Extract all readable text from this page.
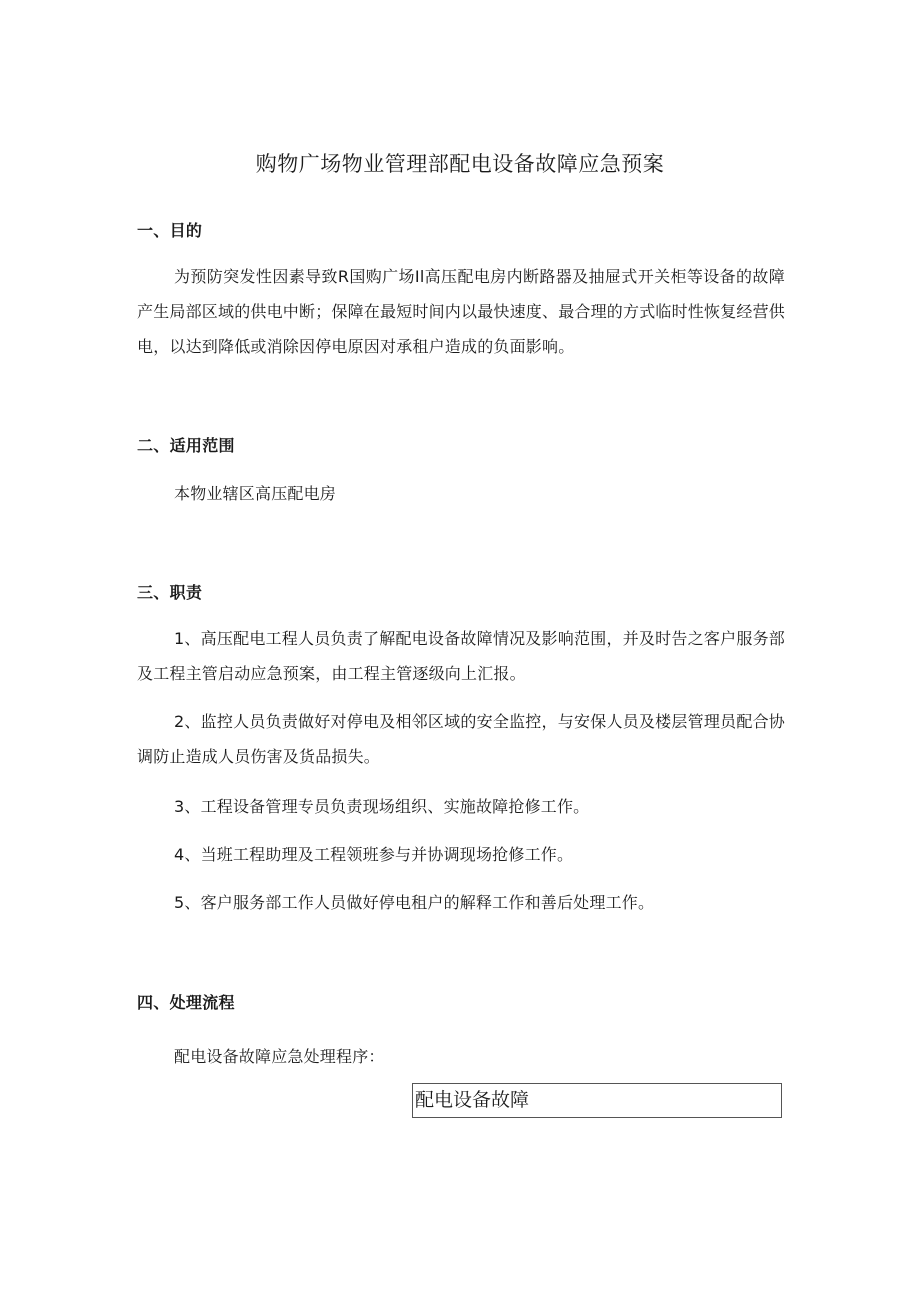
购物广场物业管理部配电设备故障应急预案
一、目的
为预防突发性因素导致R国购广场Il高压配电房内断路器及抽屉式开关柜等设备的故障产生局部区域的供电中断；保障在最短时间内以最快速度、最合理的方式临时性恢复经营供电，以达到降低或消除因停电原因对承租户造成的负面影响。
二、适用范围
本物业辖区高压配电房
三、职责
1、高压配电工程人员负责了解配电设备故障情况及影响范围，并及时告之客户服务部及工程主管启动应急预案，由工程主管逐级向上汇报。
2、监控人员负责做好对停电及相邻区域的安全监控，与安保人员及楼层管理员配合协调防止造成人员伤害及货品损失。
3、工程设备管理专员负责现场组织、实施故障抢修工作。
4、当班工程助理及工程领班参与并协调现场抢修工作。
5、客户服务部工作人员做好停电租户的解释工作和善后处理工作。
四、处理流程
配电设备故障应急处理程序：
配电设备故障
